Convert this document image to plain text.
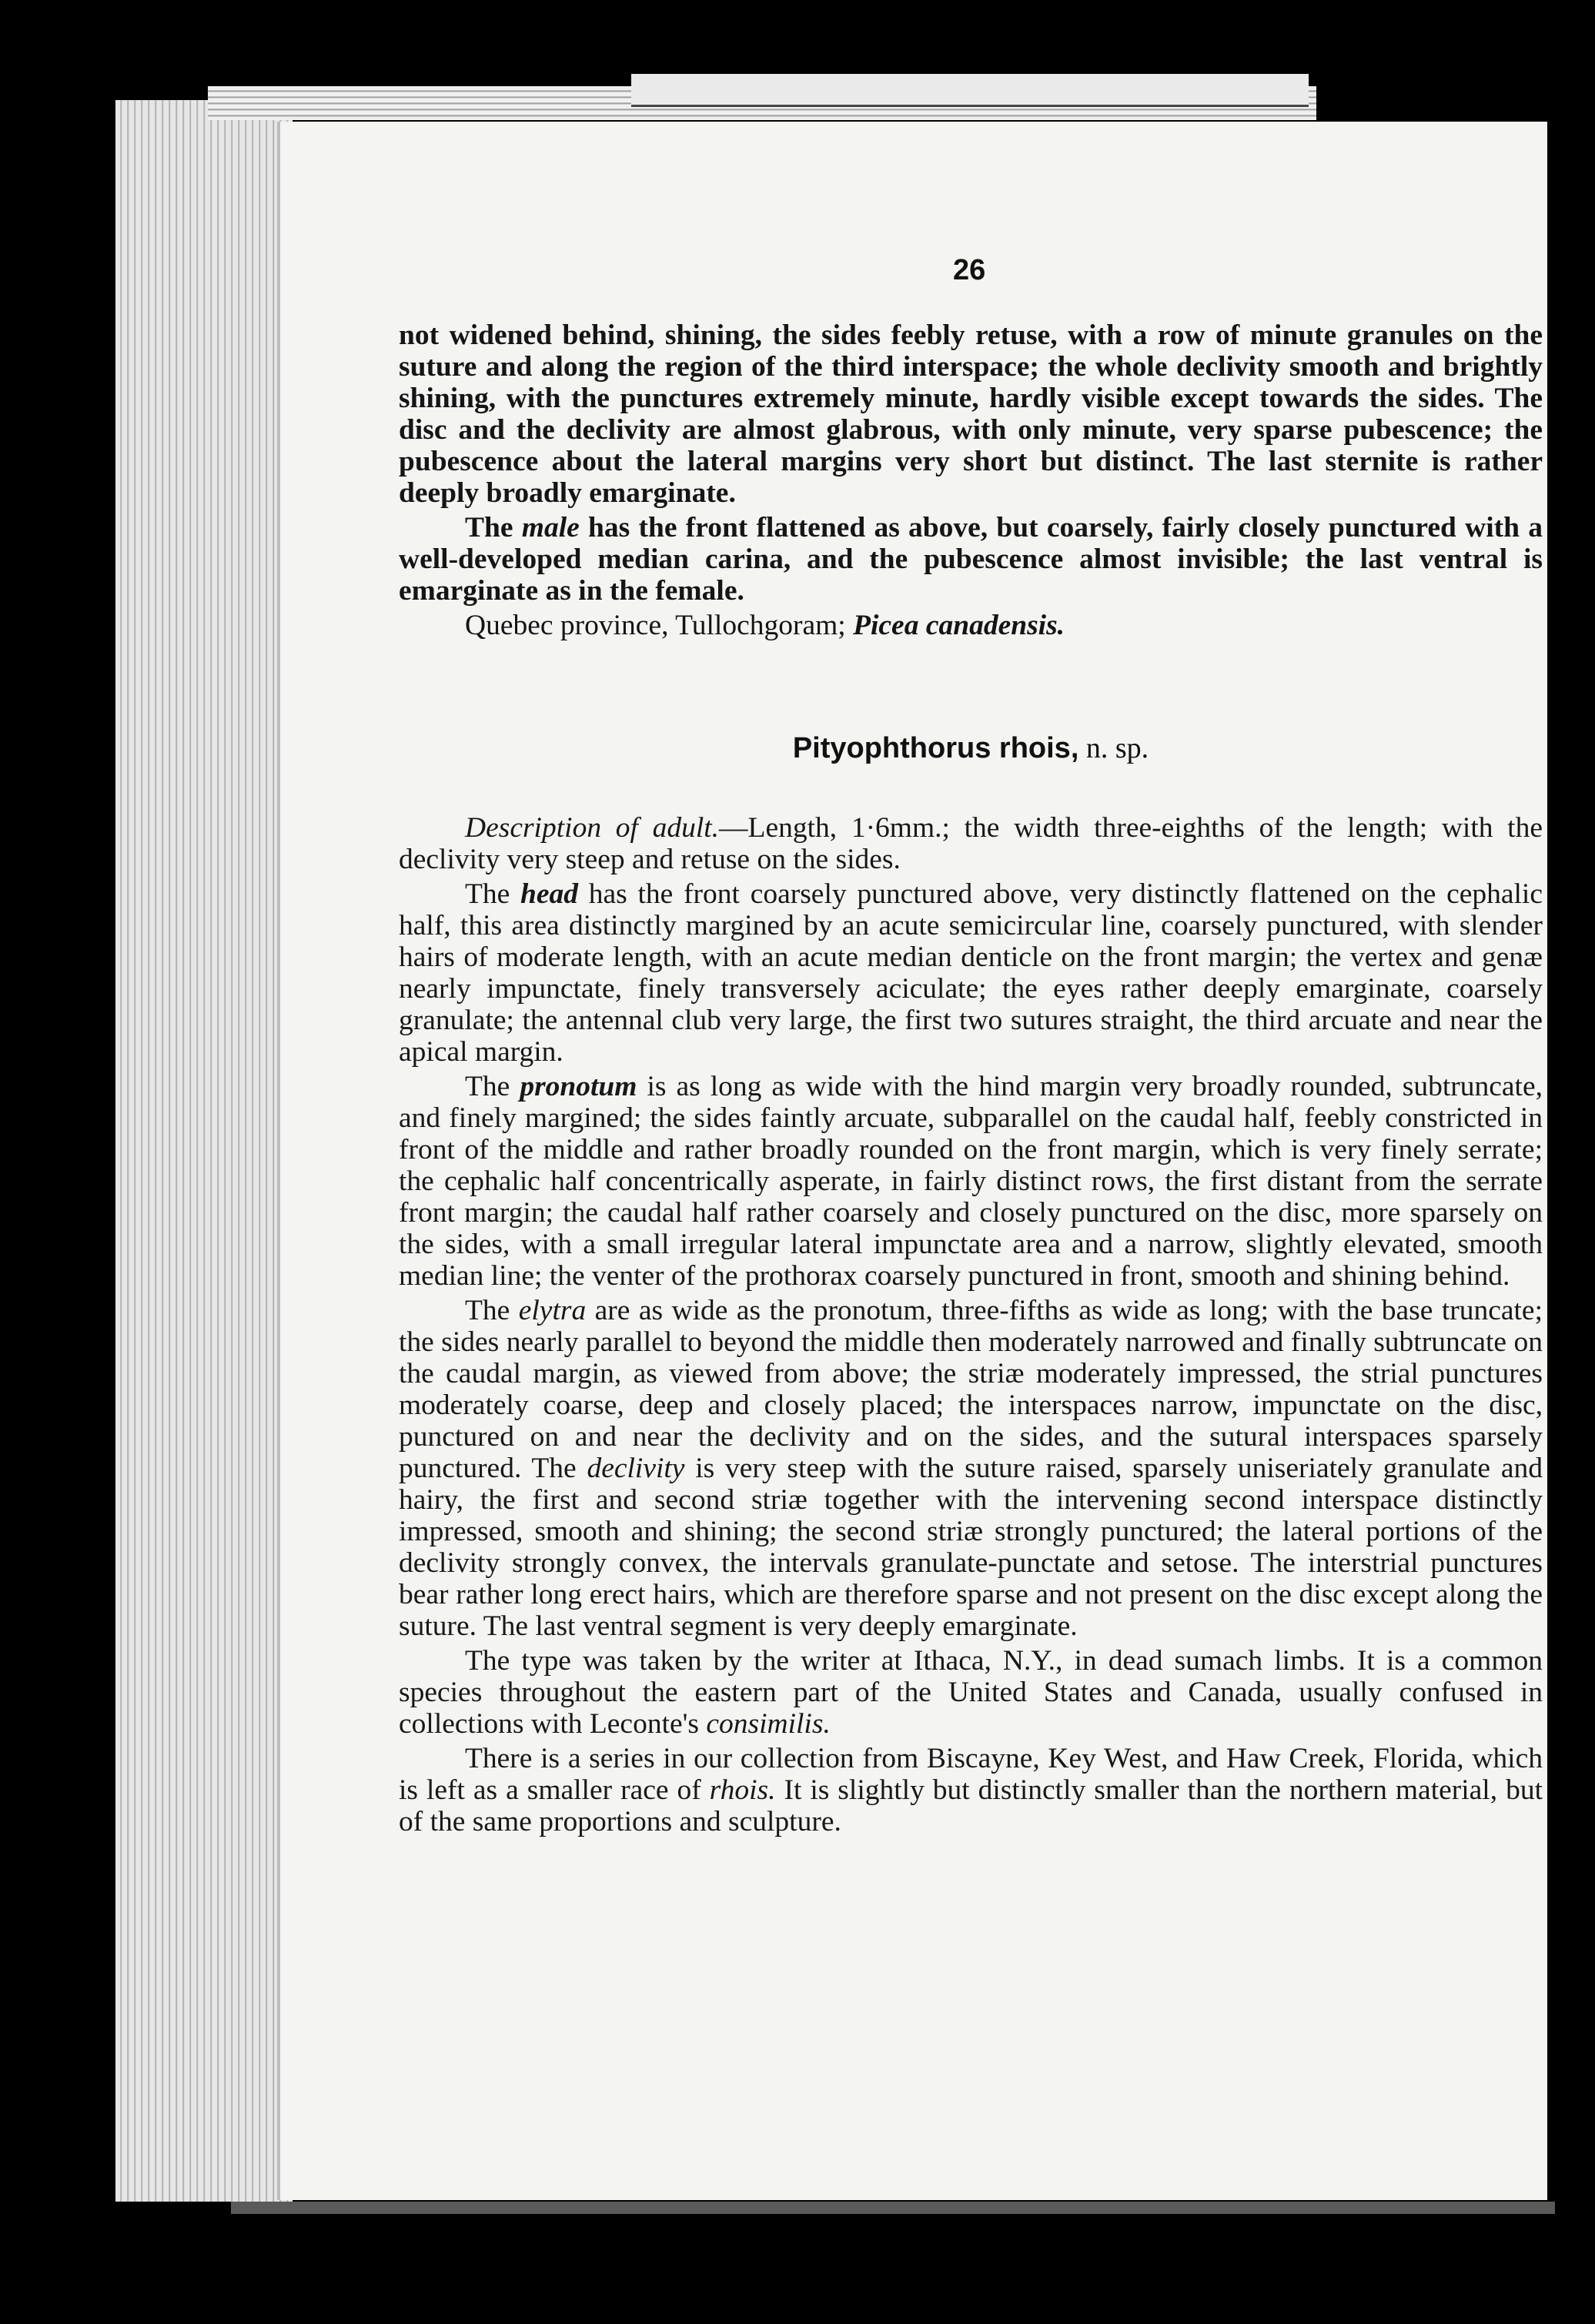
26

not widened behind, shining, the sides feebly retuse, with a row of minute granules on the suture and along the region of the third interspace; the whole declivity smooth and brightly shining, with the punctures extremely minute, hardly visible except towards the sides. The disc and the declivity are almost glabrous, with only minute, very sparse pubescence; the pubescence about the lateral margins very short but distinct. The last sternite is rather deeply broadly emarginate.

The male has the front flattened as above, but coarsely, fairly closely punctured with a well-developed median carina, and the pubescence almost invisible; the last ventral is emarginate as in the female.

Quebec province, Tullochgoram; Picea canadensis.

Pityophthorus rhois, n. sp.

Description of adult.—Length, 1·6mm.; the width three-eighths of the length; with the declivity very steep and retuse on the sides.

The head has the front coarsely punctured above, very distinctly flattened on the cephalic half, this area distinctly margined by an acute semicircular line, coarsely punctured, with slender hairs of moderate length, with an acute median denticle on the front margin; the vertex and genæ nearly impunctate, finely transversely aciculate; the eyes rather deeply emarginate, coarsely granulate; the antennal club very large, the first two sutures straight, the third arcuate and near the apical margin.

The pronotum is as long as wide with the hind margin very broadly rounded, subtruncate, and finely margined; the sides faintly arcuate, subparallel on the caudal half, feebly constricted in front of the middle and rather broadly rounded on the front margin, which is very finely serrate; the cephalic half concentrically asperate, in fairly distinct rows, the first distant from the serrate front margin; the caudal half rather coarsely and closely punctured on the disc, more sparsely on the sides, with a small irregular lateral impunctate area and a narrow, slightly elevated, smooth median line; the venter of the prothorax coarsely punctured in front, smooth and shining behind.

The elytra are as wide as the pronotum, three-fifths as wide as long; with the base truncate; the sides nearly parallel to beyond the middle then moderately narrowed and finally subtruncate on the caudal margin, as viewed from above; the striæ moderately impressed, the strial punctures moderately coarse, deep and closely placed; the interspaces narrow, impunctate on the disc, punctured on and near the declivity and on the sides, and the sutural interspaces sparsely punctured. The declivity is very steep with the suture raised, sparsely uniseriately granulate and hairy, the first and second striæ together with the intervening second interspace distinctly impressed, smooth and shining; the second striæ strongly punctured; the lateral portions of the declivity strongly convex, the intervals granulate-punctate and setose. The interstrial punctures bear rather long erect hairs, which are therefore sparse and not present on the disc except along the suture. The last ventral segment is very deeply emarginate.

The type was taken by the writer at Ithaca, N.Y., in dead sumach limbs. It is a common species throughout the eastern part of the United States and Canada, usually confused in collections with Leconte's consimilis.

There is a series in our collection from Biscayne, Key West, and Haw Creek, Florida, which is left as a smaller race of rhois. It is slightly but distinctly smaller than the northern material, but of the same proportions and sculpture.
